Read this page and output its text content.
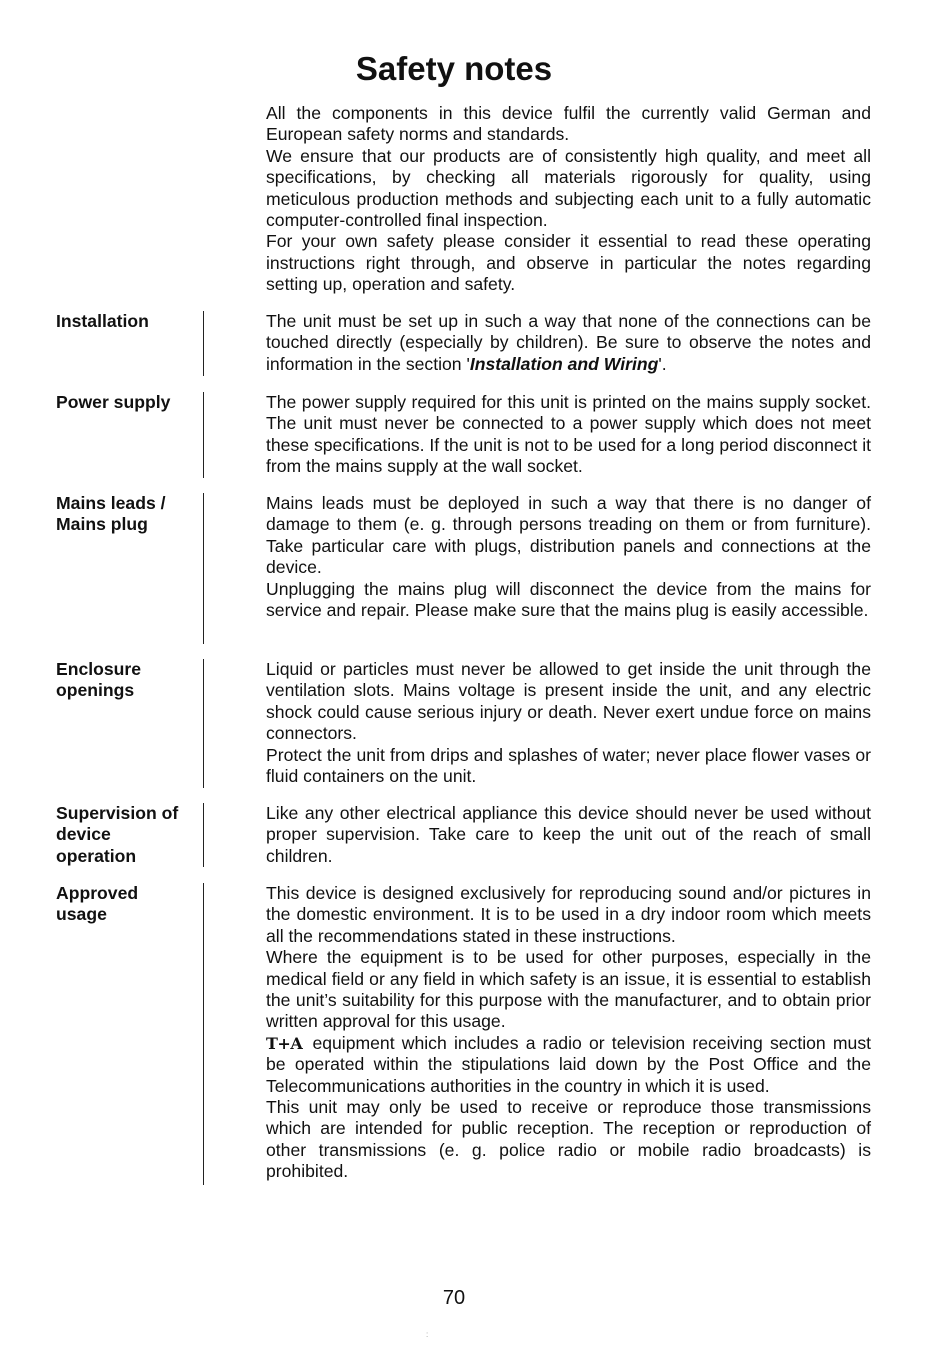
Safety notes

All the components in this device fulfil the currently valid German and European safety norms and standards.

We ensure that our products are of consistently high quality, and meet all specifications, by checking all materials rigorously for quality, using meticulous production methods and subjecting each unit to a fully automatic computer-controlled final inspection.

For your own safety please consider it essential to read these operating instructions right through, and observe in particular the notes regarding setting up, operation and safety.

Installation	The unit must be set up in such a way that none of the connections can be touched directly (especially by children). Be sure to observe the notes and information in the section 'Installation and Wiring'.

Power supply	The power supply required for this unit is printed on the mains supply socket. The unit must never be connected to a power supply which does not meet these specifications. If the unit is not to be used for a long period disconnect it from the mains supply at the wall socket.

Mains leads /
Mains plug

Mains leads must be deployed in such a way that there is no danger of damage to them (e. g. through persons treading on them or from furniture). Take particular care with plugs, distribution panels and connections at the device.

Unplugging the mains plug will disconnect the device from the mains for service and repair. Please make sure that the mains plug is easily accessible.

Enclosure
openings

Liquid or particles must never be allowed to get inside the unit through the ventilation slots. Mains voltage is present inside the unit, and any electric shock could cause serious injury or death. Never exert undue force on mains connectors.

Protect the unit from drips and splashes of water; never place flower vases or fluid containers on the unit.

Supervision of
device
operation

Like any other electrical appliance this device should never be used without proper supervision. Take care to keep the unit out of the reach of small children.

Approved
usage

This device is designed exclusively for reproducing sound and/or pictures in the domestic environment. It is to be used in a dry indoor room which meets all the recommendations stated in these instructions.

Where the equipment is to be used for other purposes, especially in the medical field or any field in which safety is an issue, it is essential to establish the unit’s suitability for this purpose with the manufacturer, and to obtain prior written approval for this usage.

T+A equipment which includes a radio or television receiving section must be operated within the stipulations laid down by the Post Office and the Telecommunications authorities in the country in which it is used.

This unit may only be used to receive or reproduce those transmissions which are intended for public reception. The reception or reproduction of other transmissions (e. g. police radio or mobile radio broadcasts) is prohibited.

70
:
